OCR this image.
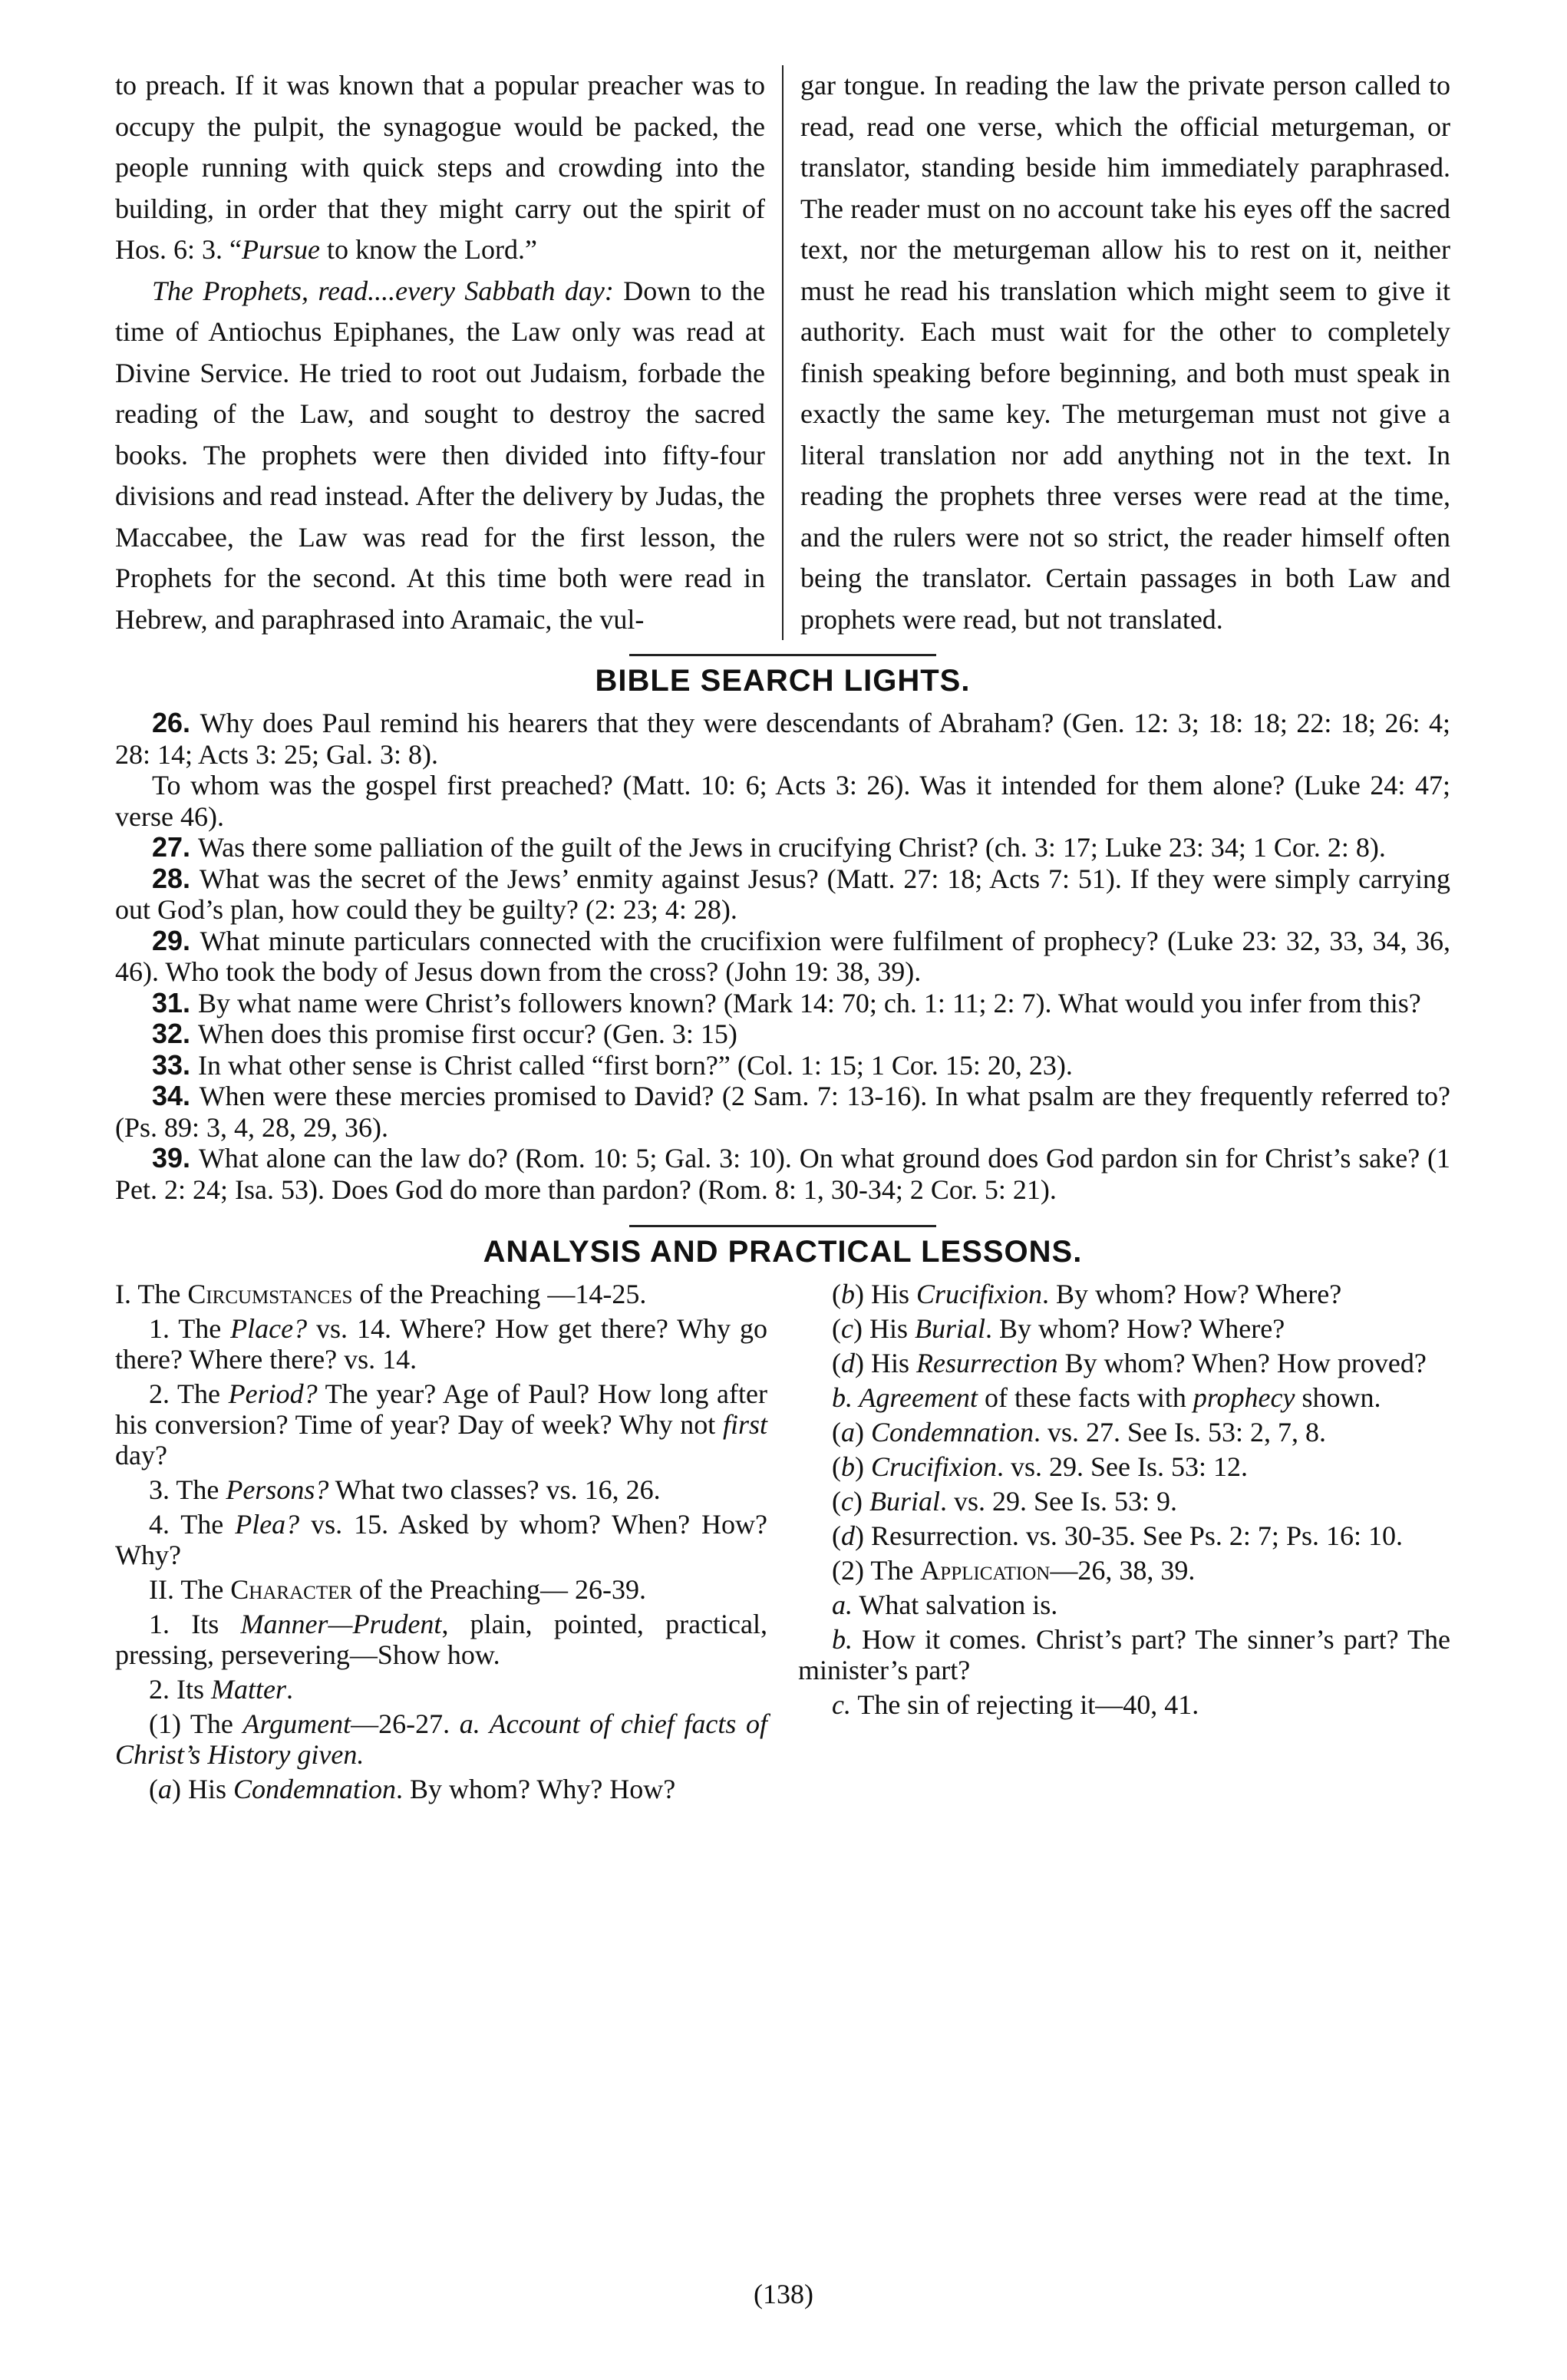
to preach. If it was known that a popular preacher was to occupy the pulpit, the synagogue would be packed, the people running with quick steps and crowding into the building, in order that they might carry out the spirit of Hos. 6: 3. “Pursue to know the Lord.”

The Prophets, read....every Sabbath day: Down to the time of Antiochus Epiphanes, the Law only was read at Divine Service. He tried to root out Judaism, forbade the reading of the Law, and sought to destroy the sacred books. The prophets were then divided into fifty-four divisions and read instead. After the delivery by Judas, the Maccabee, the Law was read for the first lesson, the Prophets for the second. At this time both were read in Hebrew, and paraphrased into Aramaic, the vul-

gar tongue. In reading the law the private person called to read, read one verse, which the official meturgeman, or translator, standing beside him immediately paraphrased. The reader must on no account take his eyes off the sacred text, nor the meturgeman allow his to rest on it, neither must he read his translation which might seem to give it authority. Each must wait for the other to completely finish speaking before beginning, and both must speak in exactly the same key. The meturgeman must not give a literal translation nor add anything not in the text. In reading the prophets three verses were read at the time, and the rulers were not so strict, the reader himself often being the translator. Certain passages in both Law and prophets were read, but not translated.

BIBLE SEARCH LIGHTS.

26. Why does Paul remind his hearers that they were descendants of Abraham? (Gen. 12: 3; 18: 18; 22: 18; 26: 4; 28: 14; Acts 3: 25; Gal. 3: 8).

To whom was the gospel first preached? (Matt. 10: 6; Acts 3: 26). Was it intended for them alone? (Luke 24: 47; verse 46).

27. Was there some palliation of the guilt of the Jews in crucifying Christ? (ch. 3: 17; Luke 23: 34; 1 Cor. 2: 8).

28. What was the secret of the Jews’ enmity against Jesus? (Matt. 27: 18; Acts 7: 51). If they were simply carrying out God’s plan, how could they be guilty? (2: 23; 4: 28).

29. What minute particulars connected with the crucifixion were fulfilment of prophecy? (Luke 23: 32, 33, 34, 36, 46). Who took the body of Jesus down from the cross? (John 19: 38, 39).

31. By what name were Christ’s followers known? (Mark 14: 70; ch. 1: 11; 2: 7). What would you infer from this?

32. When does this promise first occur? (Gen. 3: 15)

33. In what other sense is Christ called “first born?” (Col. 1: 15; 1 Cor. 15: 20, 23).

34. When were these mercies promised to David? (2 Sam. 7: 13-16). In what psalm are they frequently referred to? (Ps. 89: 3, 4, 28, 29, 36).

39. What alone can the law do? (Rom. 10: 5; Gal. 3: 10). On what ground does God pardon sin for Christ’s sake? (1 Pet. 2: 24; Isa. 53). Does God do more than pardon? (Rom. 8: 1, 30-34; 2 Cor. 5: 21).

ANALYSIS AND PRACTICAL LESSONS.

I. The Circumstances of the Preaching —14-25.

1. The Place? vs. 14. Where? How get there? Why go there? Where there? vs. 14.

2. The Period? The year? Age of Paul? How long after his conversion? Time of year? Day of week? Why not first day?

3. The Persons? What two classes? vs. 16, 26.

4. The Plea? vs. 15. Asked by whom? When? How? Why?

II. The Character of the Preaching— 26-39.

1. Its Manner—Prudent, plain, pointed, practical, pressing, persevering—Show how.

2. Its Matter.

(1) The Argument—26-27. a. Account of chief facts of Christ’s History given.

(a) His Condemnation. By whom? Why? How?

(b) His Crucifixion. By whom? How? Where?

(c) His Burial. By whom? How? Where?

(d) His Resurrection By whom? When? How proved?

b. Agreement of these facts with prophecy shown.

(a) Condemnation. vs. 27. See Is. 53: 2, 7, 8.

(b) Crucifixion. vs. 29. See Is. 53: 12.

(c) Burial. vs. 29. See Is. 53: 9.

(d) Resurrection. vs. 30-35. See Ps. 2: 7; Ps. 16: 10.

(2) The Application—26, 38, 39.

a. What salvation is.

b. How it comes. Christ’s part? The sinner’s part? The minister’s part?

c. The sin of rejecting it—40, 41.

(138)
